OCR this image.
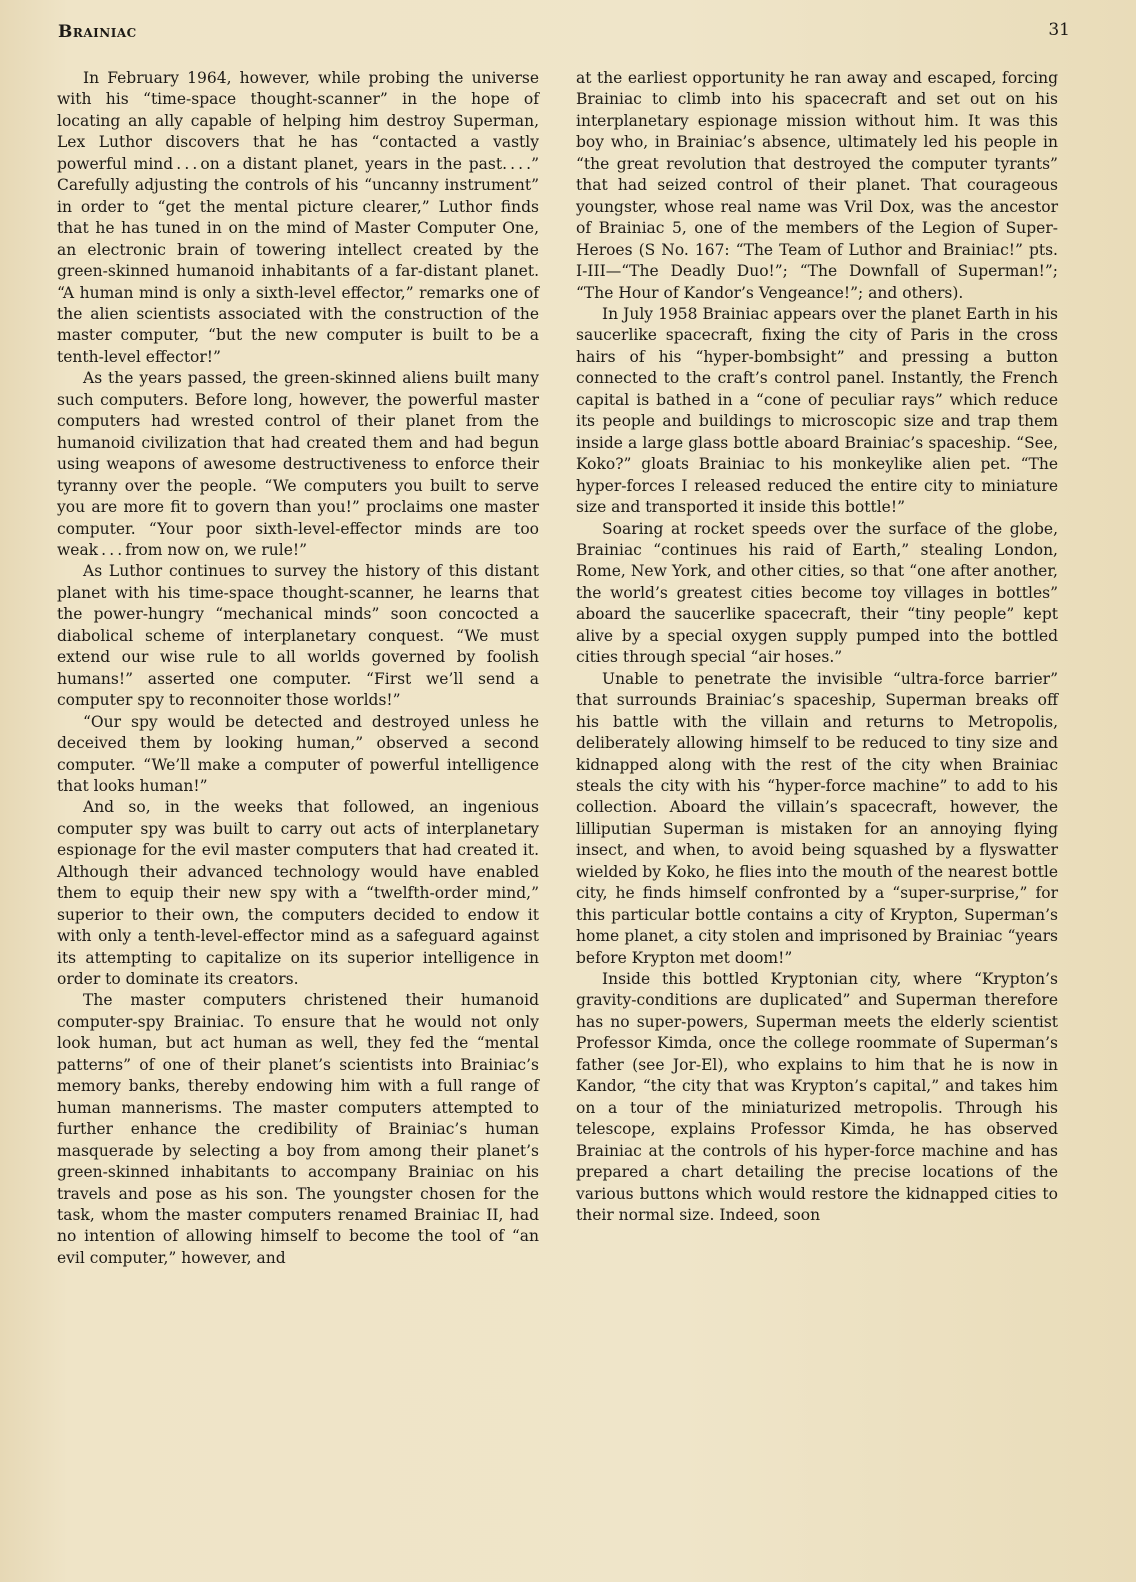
Brainiac	31

In February 1964, however, while probing the universe with his “time-space thought-scanner” in the hope of locating an ally capable of helping him destroy Superman, Lex Luthor discovers that he has “contacted a vastly powerful mind . . . on a distant planet, years in the past. . . .” Carefully adjusting the controls of his “uncanny instrument” in order to “get the mental picture clearer,” Luthor finds that he has tuned in on the mind of Master Computer One, an electronic brain of towering intellect created by the green-skinned humanoid inhabitants of a far-distant planet. “A human mind is only a sixth-level effector,” remarks one of the alien scientists associated with the construction of the master computer, “but the new computer is built to be a tenth-level effector!”

As the years passed, the green-skinned aliens built many such computers. Before long, however, the powerful master computers had wrested control of their planet from the humanoid civilization that had created them and had begun using weapons of awesome destructiveness to enforce their tyranny over the people. “We computers you built to serve you are more fit to govern than you!” proclaims one master computer. “Your poor sixth-level-effector minds are too weak . . . from now on, we rule!”

As Luthor continues to survey the history of this distant planet with his time-space thought-scanner, he learns that the power-hungry “mechanical minds” soon concocted a diabolical scheme of interplanetary conquest. “We must extend our wise rule to all worlds governed by foolish humans!” asserted one computer. “First we’ll send a computer spy to reconnoiter those worlds!”

“Our spy would be detected and destroyed unless he deceived them by looking human,” observed a second computer. “We’ll make a computer of powerful intelligence that looks human!”

And so, in the weeks that followed, an ingenious computer spy was built to carry out acts of interplanetary espionage for the evil master computers that had created it. Although their advanced technology would have enabled them to equip their new spy with a “twelfth-order mind,” superior to their own, the computers decided to endow it with only a tenth-level-effector mind as a safeguard against its attempting to capitalize on its superior intelligence in order to dominate its creators.

The master computers christened their humanoid computer-spy Brainiac. To ensure that he would not only look human, but act human as well, they fed the “mental patterns” of one of their planet’s scientists into Brainiac’s memory banks, thereby endowing him with a full range of human mannerisms. The master computers attempted to further enhance the credibility of Brainiac’s human masquerade by selecting a boy from among their planet’s green-skinned inhabitants to accompany Brainiac on his travels and pose as his son. The youngster chosen for the task, whom the master computers renamed Brainiac II, had no intention of allowing himself to become the tool of “an evil computer,” however, and

at the earliest opportunity he ran away and escaped, forcing Brainiac to climb into his spacecraft and set out on his interplanetary espionage mission without him. It was this boy who, in Brainiac’s absence, ultimately led his people in “the great revolution that destroyed the computer tyrants” that had seized control of their planet. That courageous youngster, whose real name was Vril Dox, was the ancestor of Brainiac 5, one of the members of the Legion of Super-Heroes (S No. 167: “The Team of Luthor and Brainiac!” pts. I-III—“The Deadly Duo!”; “The Downfall of Superman!”; “The Hour of Kandor’s Vengeance!”; and others).

In July 1958 Brainiac appears over the planet Earth in his saucerlike spacecraft, fixing the city of Paris in the cross hairs of his “hyper-bombsight” and pressing a button connected to the craft’s control panel. Instantly, the French capital is bathed in a “cone of peculiar rays” which reduce its people and buildings to microscopic size and trap them inside a large glass bottle aboard Brainiac’s spaceship. “See, Koko?” gloats Brainiac to his monkeylike alien pet. “The hyper-forces I released reduced the entire city to miniature size and transported it inside this bottle!”

Soaring at rocket speeds over the surface of the globe, Brainiac “continues his raid of Earth,” stealing London, Rome, New York, and other cities, so that “one after another, the world’s greatest cities become toy villages in bottles” aboard the saucerlike spacecraft, their “tiny people” kept alive by a special oxygen supply pumped into the bottled cities through special “air hoses.”

Unable to penetrate the invisible “ultra-force barrier” that surrounds Brainiac’s spaceship, Superman breaks off his battle with the villain and returns to Metropolis, deliberately allowing himself to be reduced to tiny size and kidnapped along with the rest of the city when Brainiac steals the city with his “hyper-force machine” to add to his collection. Aboard the villain’s spacecraft, however, the lilliputian Superman is mistaken for an annoying flying insect, and when, to avoid being squashed by a flyswatter wielded by Koko, he flies into the mouth of the nearest bottle city, he finds himself confronted by a “super-surprise,” for this particular bottle contains a city of Krypton, Superman’s home planet, a city stolen and imprisoned by Brainiac “years before Krypton met doom!”

Inside this bottled Kryptonian city, where “Krypton’s gravity-conditions are duplicated” and Superman therefore has no super-powers, Superman meets the elderly scientist Professor Kimda, once the college roommate of Superman’s father (see Jor-El), who explains to him that he is now in Kandor, “the city that was Krypton’s capital,” and takes him on a tour of the miniaturized metropolis. Through his telescope, explains Professor Kimda, he has observed Brainiac at the controls of his hyper-force machine and has prepared a chart detailing the precise locations of the various buttons which would restore the kidnapped cities to their normal size. Indeed, soon
